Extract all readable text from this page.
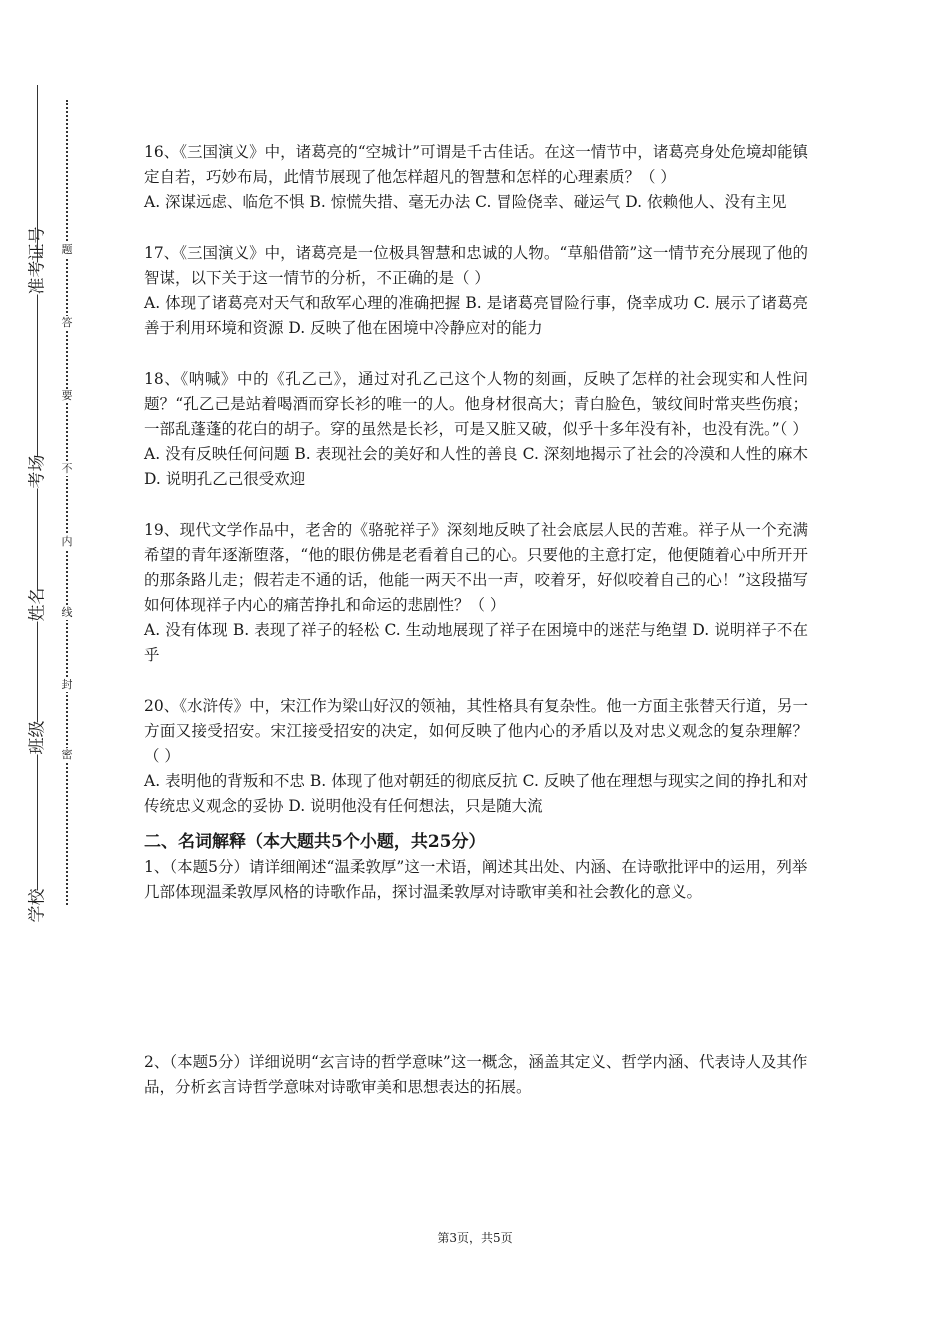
准考证号
考场
姓名
班级
学校
题
答
要
不
内
线
封
密

16、《三国演义》中，诸葛亮的“空城计”可谓是千古佳话。在这一情节中，诸葛亮身处危境却能镇定自若，巧妙布局，此情节展现了他怎样超凡的智慧和怎样的心理素质？（ ）

A. 深谋远虑、临危不惧 B. 惊慌失措、毫无办法 C. 冒险侥幸、碰运气 D. 依赖他人、没有主见

17、《三国演义》中，诸葛亮是一位极具智慧和忠诚的人物。“草船借箭”这一情节充分展现了他的智谋，以下关于这一情节的分析，不正确的是（ ）

A. 体现了诸葛亮对天气和敌军心理的准确把握 B. 是诸葛亮冒险行事，侥幸成功 C. 展示了诸葛亮善于利用环境和资源 D. 反映了他在困境中冷静应对的能力

18、《呐喊》中的《孔乙己》，通过对孔乙己这个人物的刻画，反映了怎样的社会现实和人性问题？“孔乙己是站着喝酒而穿长衫的唯一的人。他身材很高大；青白脸色，皱纹间时常夹些伤痕；一部乱蓬蓬的花白的胡子。穿的虽然是长衫，可是又脏又破，似乎十多年没有补，也没有洗。”（ ）

A. 没有反映任何问题 B. 表现社会的美好和人性的善良 C. 深刻地揭示了社会的冷漠和人性的麻木 D. 说明孔乙己很受欢迎

19、现代文学作品中，老舍的《骆驼祥子》深刻地反映了社会底层人民的苦难。祥子从一个充满希望的青年逐渐堕落，“他的眼仿佛是老看着自己的心。只要他的主意打定，他便随着心中所开开的那条路儿走；假若走不通的话，他能一两天不出一声，咬着牙，好似咬着自己的心！”这段描写如何体现祥子内心的痛苦挣扎和命运的悲剧性？（ ）

A. 没有体现 B. 表现了祥子的轻松 C. 生动地展现了祥子在困境中的迷茫与绝望 D. 说明祥子不在乎

20、《水浒传》中，宋江作为梁山好汉的领袖，其性格具有复杂性。他一方面主张替天行道，另一方面又接受招安。宋江接受招安的决定，如何反映了他内心的矛盾以及对忠义观念的复杂理解？（ ）

A. 表明他的背叛和不忠 B. 体现了他对朝廷的彻底反抗 C. 反映了他在理想与现实之间的挣扎和对传统忠义观念的妥协 D. 说明他没有任何想法，只是随大流

二、名词解释（本大题共5个小题，共25分）

1、（本题5分）请详细阐述“温柔敦厚”这一术语，阐述其出处、内涵、在诗歌批评中的运用，列举几部体现温柔敦厚风格的诗歌作品，探讨温柔敦厚对诗歌审美和社会教化的意义。

2、（本题5分）详细说明“玄言诗的哲学意味”这一概念，涵盖其定义、哲学内涵、代表诗人及其作品，分析玄言诗哲学意味对诗歌审美和思想表达的拓展。

第3页，共5页
